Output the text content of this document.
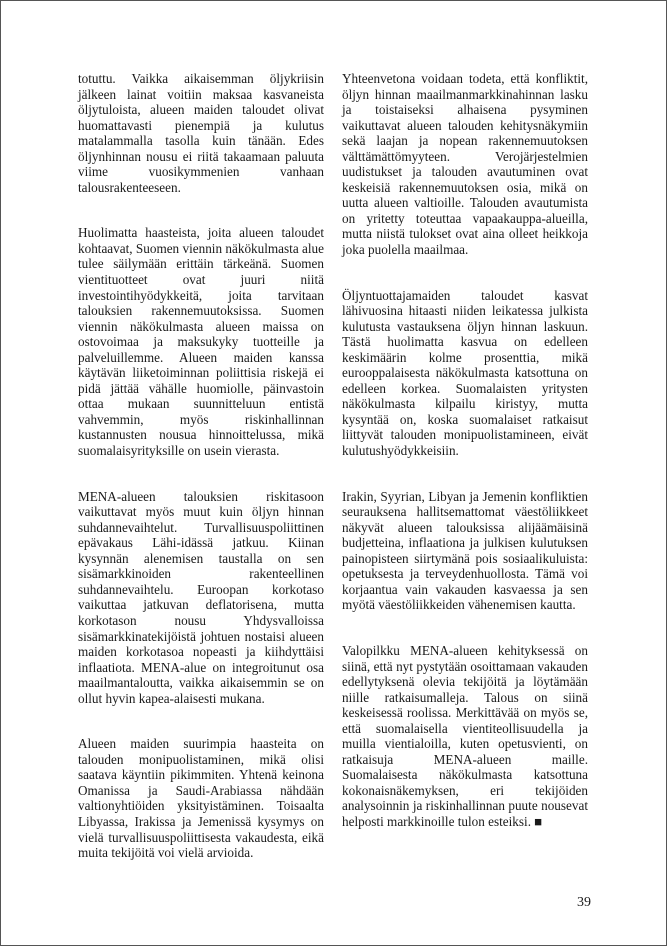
totuttu. Vaikka aikaisemman öljykriisin jälkeen lainat voitiin maksaa kasvaneista öljytuloista, alueen maiden taloudet olivat huomattavasti pienempiä ja kulutus matalammalla tasolla kuin tänään. Edes öljynhinnan nousu ei riitä takaamaan paluuta viime vuosikymmenien vanhaan talousrakenteeseen.

Huolimatta haasteista, joita alueen taloudet kohtaavat, Suomen viennin näkökulmasta alue tulee säilymään erittäin tärkeänä. Suomen vientituotteet ovat juuri niitä investointihyödykkeitä, joita tarvitaan talouksien rakennemuutoksissa. Suomen viennin näkökulmasta alueen maissa on ostovoimaa ja maksukyky tuotteille ja palveluillemme. Alueen maiden kanssa käytävän liiketoiminnan poliittisia riskejä ei pidä jättää vähälle huomiolle, päinvastoin ottaa mukaan suunnitteluun entistä vahvemmin, myös riskinhallinnan kustannusten nousua hinnoittelussa, mikä suomalaisyrityksille on usein vierasta.

MENA-alueen talouksien riskitasoon vaikuttavat myös muut kuin öljyn hinnan suhdannevaihtelut. Turvallisuuspoliittinen epävakaus Lähi-idässä jatkuu. Kiinan kysynnän alenemisen taustalla on sen sisämarkkinoiden rakenteellinen suhdannevaihtelu. Euroopan korkotaso vaikuttaa jatkuvan deflatorisena, mutta korkotason nousu Yhdysvalloissa sisämarkkinatekijöistä johtuen nostaisi alueen maiden korkotasoa nopeasti ja kiihdyttäisi inflaatiota. MENA-alue on integroitunut osa maailmantaloutta, vaikka aikaisemmin se on ollut hyvin kapea-alaisesti mukana.

Alueen maiden suurimpia haasteita on talouden monipuolistaminen, mikä olisi saatava käyntiin pikimmiten. Yhtenä keinona Omanissa ja Saudi-Arabiassa nähdään valtionyhtiöiden yksityistäminen. Toisaalta Libyassa, Irakissa ja Jemenissä kysymys on vielä turvallisuuspoliittisesta vakaudesta, eikä muita tekijöitä voi vielä arvioida.

Yhteenvetona voidaan todeta, että konfliktit, öljyn hinnan maailmanmarkkinahinnan lasku ja toistaiseksi alhaisena pysyminen vaikuttavat alueen talouden kehitysnäkymiin sekä laajan ja nopean rakennemuutoksen välttämättömyyteen. Verojärjestelmien uudistukset ja talouden avautuminen ovat keskeisiä rakennemuutoksen osia, mikä on uutta alueen valtioille. Talouden avautumista on yritetty toteuttaa vapaakauppa-alueilla, mutta niistä tulokset ovat aina olleet heikkoja joka puolella maailmaa.

Öljyntuottajamaiden taloudet kasvat lähivuosina hitaasti niiden leikatessa julkista kulutusta vastauksena öljyn hinnan laskuun. Tästä huolimatta kasvua on edelleen keskimäärin kolme prosenttia, mikä eurooppalaisesta näkökulmasta katsottuna on edelleen korkea. Suomalaisten yritysten näkökulmasta kilpailu kiristyy, mutta kysyntää on, koska suomalaiset ratkaisut liittyvät talouden monipuolistamineen, eivät kulutushyödykkeisiin.

Irakin, Syyrian, Libyan ja Jemenin konfliktien seurauksena hallitsemattomat väestöliikkeet näkyvät alueen talouksissa alijäämäisinä budjetteina, inflaationa ja julkisen kulutuksen painopisteen siirtymänä pois sosiaalikuluista: opetuksesta ja terveydenhuollosta. Tämä voi korjaantua vain vakauden kasvaessa ja sen myötä väestöliikkeiden vähenemisen kautta.

Valopilkku MENA-alueen kehityksessä on siinä, että nyt pystytään osoittamaan vakauden edellytyksenä olevia tekijöitä ja löytämään niille ratkaisumalleja. Talous on siinä keskeisessä roolissa. Merkittävää on myös se, että suomalaisella vientiteollisuudella ja muilla vientialoilla, kuten opetusvienti, on ratkaisuja MENA-alueen maille. Suomalaisesta näkökulmasta katsottuna kokonaisnäkemyksen, eri tekijöiden analysoinnin ja riskinhallinnan puute nousevat helposti markkinoille tulon esteiksi. ■

39
